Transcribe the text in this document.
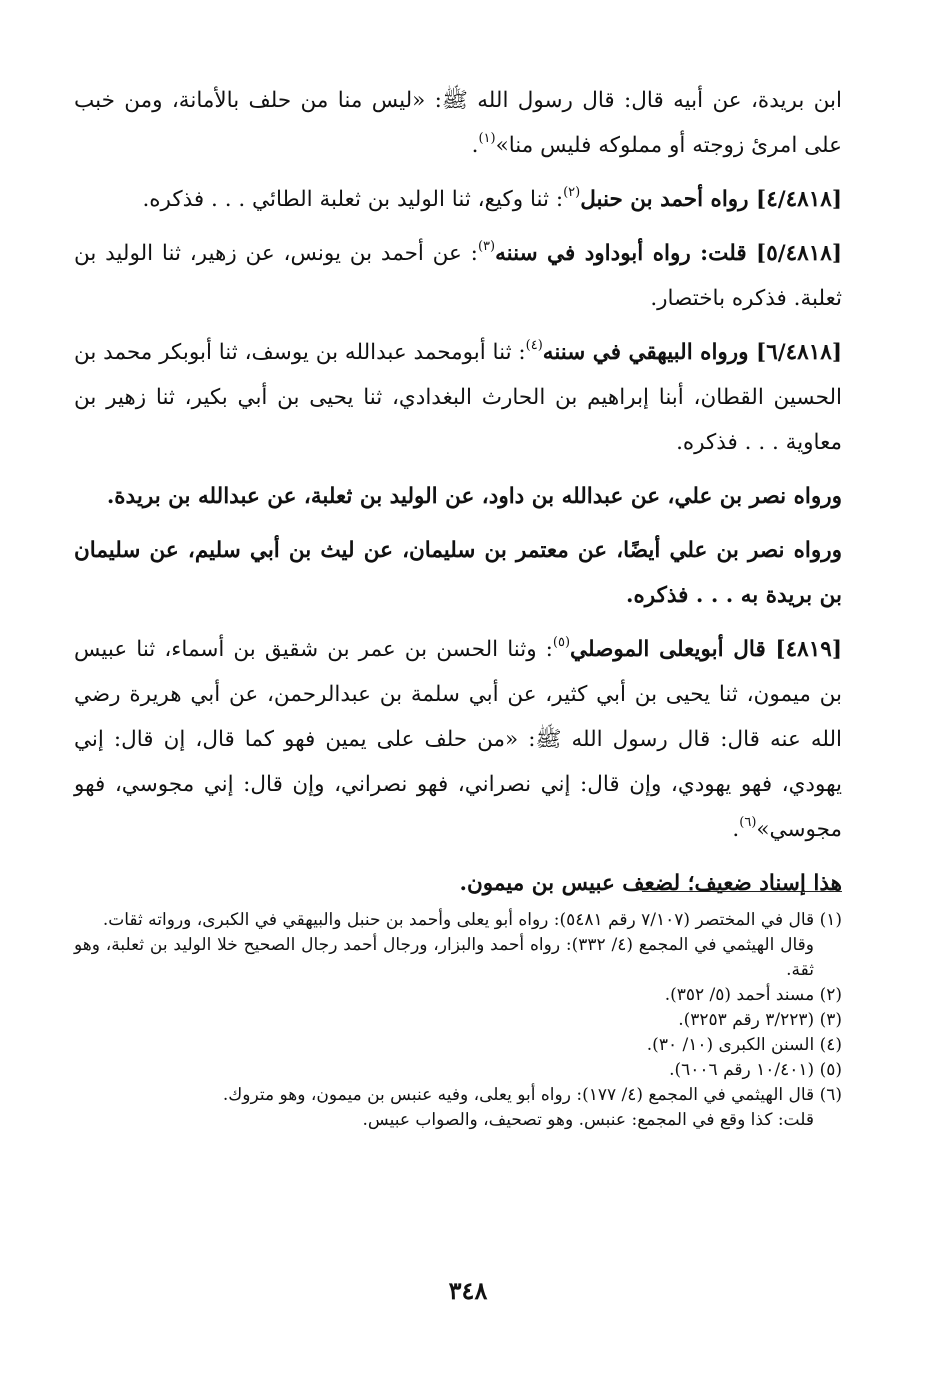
ابن بريدة، عن أبيه قال: قال رسول الله ﷺ: «ليس منا من حلف بالأمانة، ومن خبب على امرئ زوجته أو مملوكه فليس منا»$^{(١)}$.

[٤/٤٨١٨] رواه أحمد بن حنبل$^{(٢)}$: ثنا وكيع، ثنا الوليد بن ثعلبة الطائي . . . فذكره.

[٥/٤٨١٨] قلت: رواه أبوداود في سننه$^{(٣)}$: عن أحمد بن يونس، عن زهير، ثنا الوليد بن ثعلبة. فذكره باختصار.

[٦/٤٨١٨] ورواه البيهقي في سننه$^{(٤)}$: ثنا أبومحمد عبدالله بن يوسف، ثنا أبوبكر محمد بن الحسين القطان، أبنا إبراهيم بن الحارث البغدادي، ثنا يحيى بن أبي بكير، ثنا زهير بن معاوية . . . فذكره.

ورواه نصر بن علي، عن عبدالله بن داود، عن الوليد بن ثعلبة، عن عبدالله بن بريدة.

ورواه نصر بن علي أيضًا، عن معتمر بن سليمان، عن ليث بن أبي سليم، عن سليمان بن بريدة به . . . فذكره.

[٤٨١٩] قال أبويعلى الموصلي$^{(٥)}$: وثنا الحسن بن عمر بن شقيق بن أسماء، ثنا عبيس بن ميمون، ثنا يحيى بن أبي كثير، عن أبي سلمة بن عبدالرحمن، عن أبي هريرة رضي الله عنه قال: قال رسول الله ﷺ: «من حلف على يمين فهو كما قال، إن قال: إني يهودي، فهو يهودي، وإن قال: إني نصراني، فهو نصراني، وإن قال: إني مجوسي، فهو مجوسي»$^{(٦)}$.

هذا إسناد ضعيف؛ لضعف عبيس بن ميمون.

(١) قال في المختصر (٧/١٠٧ رقم ٥٤٨١): رواه أبو يعلى وأحمد بن حنبل والبيهقي في الكبرى، ورواته ثقات.

وقال الهيثمي في المجمع (٤/ ٣٣٢): رواه أحمد والبزار، ورجال أحمد رجال الصحيح خلا الوليد بن ثعلبة، وهو ثقة.

(٢) مسند أحمد (٥/ ٣٥٢).

(٣) (٣/٢٢٣ رقم ٣٢٥٣).

(٤) السنن الكبرى (١٠/ ٣٠).

(٥) (١٠/٤٠١ رقم ٦٠٠٦).

(٦) قال الهيثمي في المجمع (٤/ ١٧٧): رواه أبو يعلى، وفيه عنبس بن ميمون، وهو متروك.

قلت: كذا وقع في المجمع: عنبس. وهو تصحيف، والصواب عبيس.

٣٤٨
